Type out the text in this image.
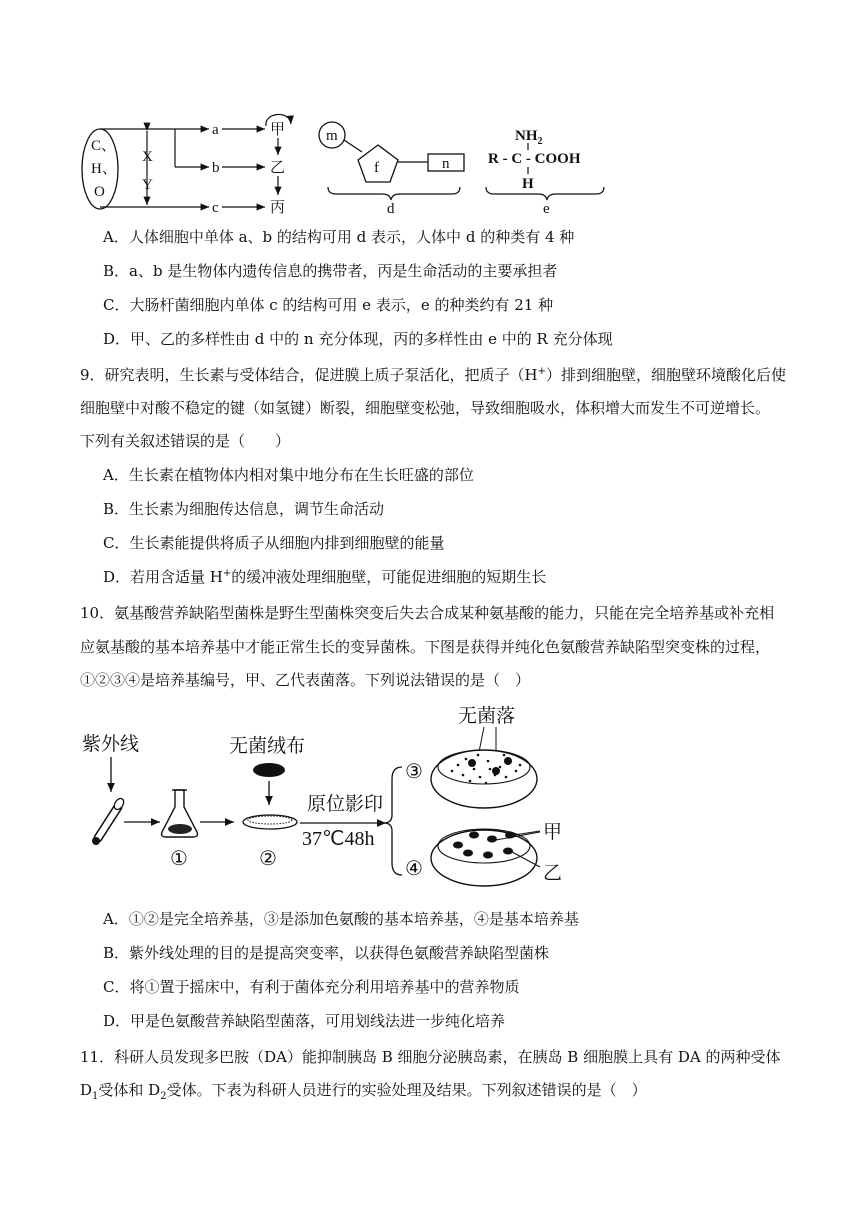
C、
H、
O
X
Y
a
b
c
甲
乙
丙
m
f	n
d
$NH_2$
R - C - COOH
H
e
A．人体细胞中单体 a、b 的结构可用 d 表示，人体中 d 的种类有 4 种
B．a、b 是生物体内遗传信息的携带者，丙是生命活动的主要承担者
C．大肠杆菌细胞内单体 c 的结构可用 e 表示，e 的种类约有 21 种
D．甲、乙的多样性由 d 中的 n 充分体现，丙的多样性由 e 中的 R 充分体现
9．研究表明，生长素与受体结合，促进膜上质子泵活化，把质子（H+）排到细胞壁，细胞壁环境酸化后使
细胞壁中对酸不稳定的键（如氢键）断裂，细胞壁变松弛，导致细胞吸水，体积增大而发生不可逆增长。
下列有关叙述错误的是（　　）
A．生长素在植物体内相对集中地分布在生长旺盛的部位
B．生长素为细胞传达信息，调节生命活动
C．生长素能提供将质子从细胞内排到细胞壁的能量
D．若用含适量 H+的缓冲液处理细胞壁，可能促进细胞的短期生长
10．氨基酸营养缺陷型菌株是野生型菌株突变后失去合成某种氨基酸的能力，只能在完全培养基或补充相
应氨基酸的基本培养基中才能正常生长的变异菌株。下图是获得并纯化色氨酸营养缺陷型突变株的过程，
①②③④是培养基编号，甲、乙代表菌落。下列说法错误的是（　）
紫外线
①
无菌绒布
②
原位影印
37℃48h
③
④
无菌落
甲
乙
A．①②是完全培养基，③是添加色氨酸的基本培养基，④是基本培养基
B．紫外线处理的目的是提高突变率，以获得色氨酸营养缺陷型菌株
C．将①置于摇床中，有利于菌体充分利用培养基中的营养物质
D．甲是色氨酸营养缺陷型菌落，可用划线法进一步纯化培养
11．科研人员发现多巴胺（DA）能抑制胰岛 B 细胞分泌胰岛素，在胰岛 B 细胞膜上具有 DA 的两种受体
$D_1$受体和 $D_2$受体。下表为科研人员进行的实验处理及结果。下列叙述错误的是（　）
